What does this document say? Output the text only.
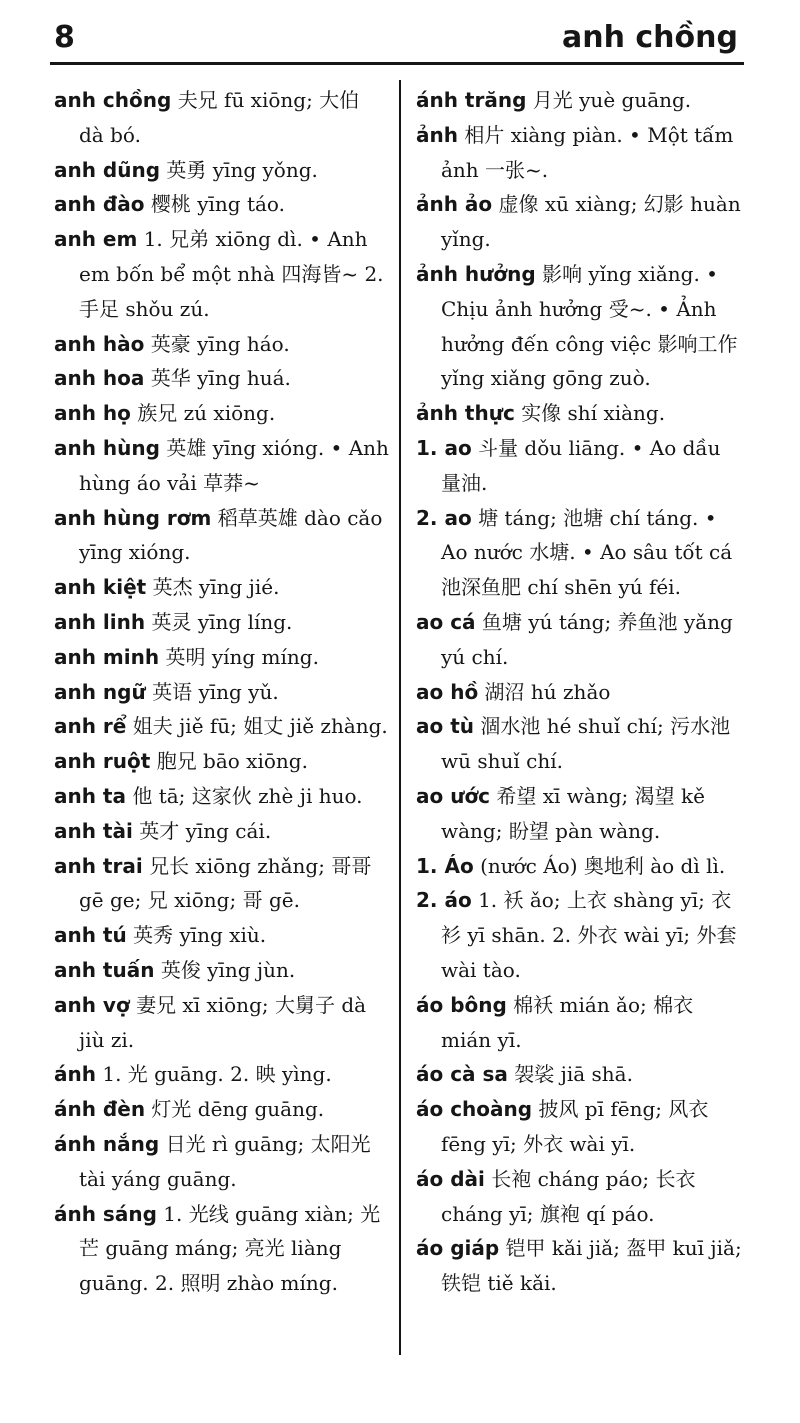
8	anh chồng
anh chồng 夫兄 fū xiōng; 大伯 dà bó.
anh dũng 英勇 yīng yǒng.
anh đào 樱桃 yīng táo.
anh em 1. 兄弟 xiōng dì. • Anh em bốn bể một nhà 四海皆~ 2. 手足 shǒu zú.
anh hào 英豪 yīng háo.
anh hoa 英华 yīng huá.
anh họ 族兄 zú xiōng.
anh hùng 英雄 yīng xióng. • Anh hùng áo vải 草莽~
anh hùng rơm 稻草英雄 dào cǎo yīng xióng.
anh kiệt 英杰 yīng jié.
anh linh 英灵 yīng líng.
anh minh 英明 yíng míng.
anh ngữ 英语 yīng yǔ.
anh rể 姐夫 jiě fū; 姐丈 jiě zhàng.
anh ruột 胞兄 bāo xiōng.
anh ta 他 tā; 这家伙 zhè ji huo.
anh tài 英才 yīng cái.
anh trai 兄长 xiōng zhǎng; 哥哥 gē ge; 兄 xiōng; 哥 gē.
anh tú 英秀 yīng xiù.
anh tuấn 英俊 yīng jùn.
anh vợ 妻兄 xī xiōng; 大舅子 dà jiù zi.
ánh 1. 光 guāng. 2. 映 yìng.
ánh đèn 灯光 dēng guāng.
ánh nắng 日光 rì guāng; 太阳光 tài yáng guāng.
ánh sáng 1. 光线 guāng xiàn; 光芒 guāng máng; 亮光 liàng guāng. 2. 照明 zhào míng.
ánh trăng 月光 yuè guāng.
ảnh 相片 xiàng piàn. • Một tấm ảnh 一张~.
ảnh ảo 虚像 xū xiàng; 幻影 huàn yǐng.
ảnh hưởng 影响 yǐng xiǎng. • Chịu ảnh hưởng 受~. • Ảnh hưởng đến công việc 影响工作 yǐng xiǎng gōng zuò.
ảnh thực 实像 shí xiàng.
1. ao 斗量 dǒu liāng. • Ao dầu 量油.
2. ao 塘 táng; 池塘 chí táng. • Ao nước 水塘. • Ao sâu tốt cá 池深鱼肥 chí shēn yú féi.
ao cá 鱼塘 yú táng; 养鱼池 yǎng yú chí.
ao hồ 湖沼 hú zhǎo
ao tù 涸水池 hé shuǐ chí; 污水池 wū shuǐ chí.
ao ước 希望 xī wàng; 渴望 kě wàng; 盼望 pàn wàng.
1. Áo (nước Áo) 奥地利 ào dì lì.
2. áo 1. 袄 ǎo; 上衣 shàng yī; 衣衫 yī shān. 2. 外衣 wài yī; 外套 wài tào.
áo bông 棉袄 mián ǎo; 棉衣 mián yī.
áo cà sa 袈裟 jiā shā.
áo choàng 披风 pī fēng; 风衣 fēng yī; 外衣 wài yī.
áo dài 长袍 cháng páo; 长衣 cháng yī; 旗袍 qí páo.
áo giáp 铠甲 kǎi jiǎ; 盔甲 kuī jiǎ; 铁铠 tiě kǎi.
